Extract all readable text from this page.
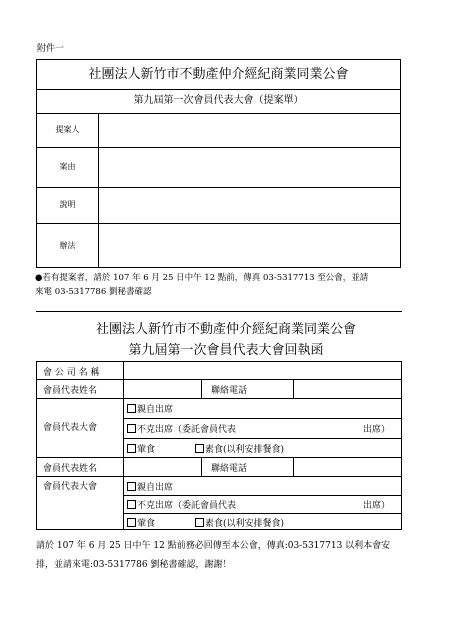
附件一
社團法人新竹市不動產仲介經紀商業同業公會
第九屆第一次會員代表大會（提案單）
提案人
案由
說明
辦法
●若有提案者，請於 107 年 6 月 25 日中午 12 點前，傳真 03-5317713 至公會，並請
來電 03-5317786 劉秘書確認
社團法人新竹市不動產仲介經紀商業同業公會
第九屆第一次會員代表大會回執函
會 公 司 名 稱
會員代表姓名	聯絡電話
會員代表大會
親自出席
不克出席（委託會員代表	出席）
葷食	素食(以利安排餐食)
會員代表姓名	聯絡電話
會員代表大會	親自出席
不克出席（委託會員代表	出席）
葷食	素食(以利安排餐食)
請於 107 年 6 月 25 日中午 12 點前務必回傳至本公會，傳真:03-5317713 以利本會安
排，並請來電:03-5317786 劉秘書確認，謝謝！
